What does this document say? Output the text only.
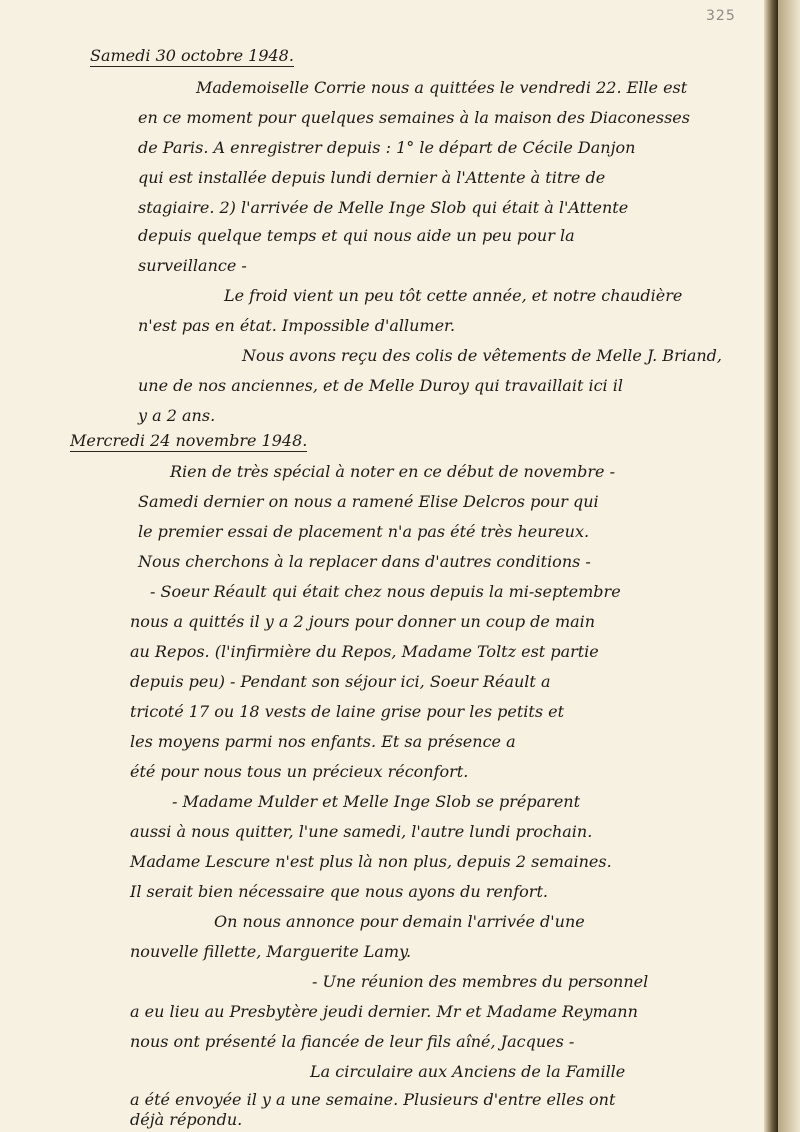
325
Samedi 30 octobre 1948.
Mademoiselle Corrie nous a quittées le vendredi 22. Elle est
en ce moment pour quelques semaines à la maison des Diaconesses
de Paris. A enregistrer depuis : 1° le départ de Cécile Danjon
qui est installée depuis lundi dernier à l'Attente à titre de
stagiaire. 2) l'arrivée de Melle Inge Slob qui était à l'Attente
depuis quelque temps et qui nous aide un peu pour la
surveillance -
Le froid vient un peu tôt cette année, et notre chaudière
n'est pas en état. Impossible d'allumer.
Nous avons reçu des colis de vêtements de Melle J. Briand,
une de nos anciennes, et de Melle Duroy qui travaillait ici il
y a 2 ans.
Mercredi 24 novembre 1948.
Rien de très spécial à noter en ce début de novembre -
Samedi dernier on nous a ramené Elise Delcros pour qui
le premier essai de placement n'a pas été très heureux.
Nous cherchons à la replacer dans d'autres conditions -
- Soeur Réault qui était chez nous depuis la mi-septembre
nous a quittés il y a 2 jours pour donner un coup de main
au Repos. (l'infirmière du Repos, Madame Toltz est partie
depuis peu) - Pendant son séjour ici, Soeur Réault a
tricoté 17 ou 18 vests de laine grise pour les petits et
les moyens parmi nos enfants. Et sa présence a
été pour nous tous un précieux réconfort.
- Madame Mulder et Melle Inge Slob se préparent
aussi à nous quitter, l'une samedi, l'autre lundi prochain.
Madame Lescure n'est plus là non plus, depuis 2 semaines.
Il serait bien nécessaire que nous ayons du renfort.
On nous annonce pour demain l'arrivée d'une
nouvelle fillette, Marguerite Lamy.
- Une réunion des membres du personnel
a eu lieu au Presbytère jeudi dernier. Mr et Madame Reymann
nous ont présenté la fiancée de leur fils aîné, Jacques -
La circulaire aux Anciens de la Famille
a été envoyée il y a une semaine. Plusieurs d'entre elles ont
déjà répondu.
